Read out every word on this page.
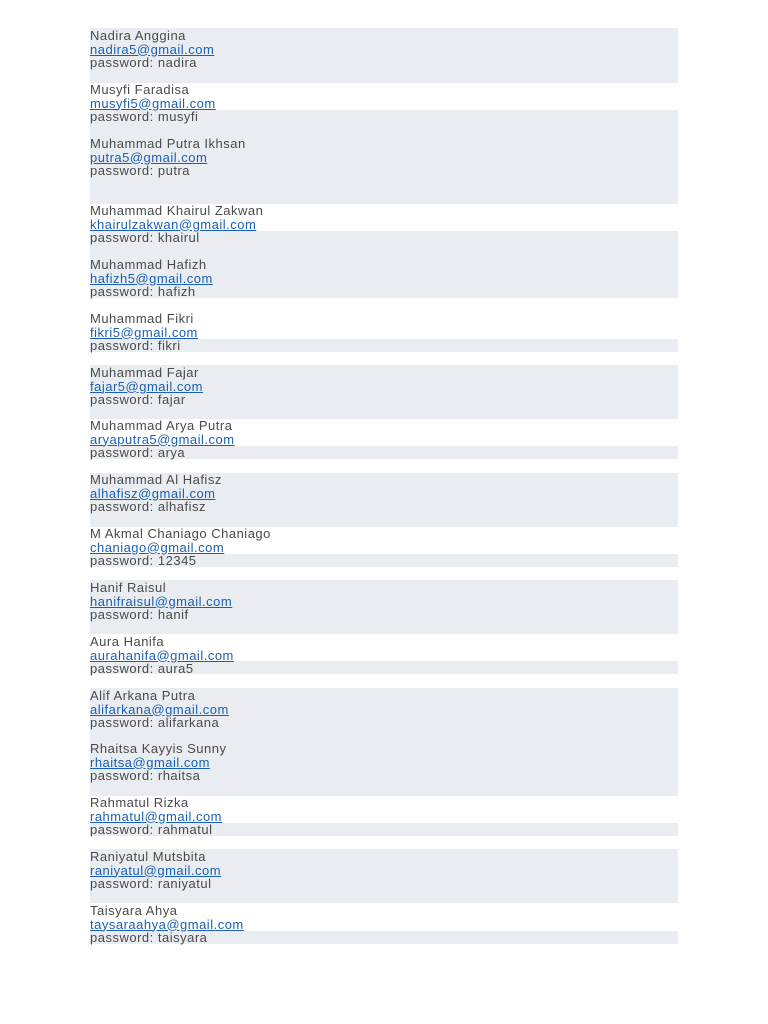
Nadira Anggina
nadira5@gmail.com
password: nadira
Musyfi Faradisa
musyfi5@gmail.com
password: musyfi
Muhammad Putra Ikhsan
putra5@gmail.com
password: putra
Muhammad Khairul Zakwan
khairulzakwan@gmail.com
password: khairul
Muhammad Hafizh
hafizh5@gmail.com
password: hafizh
Muhammad Fikri
fikri5@gmail.com
password: fikri
Muhammad Fajar
fajar5@gmail.com
password: fajar
Muhammad Arya Putra
aryaputra5@gmail.com
password: arya
Muhammad Al Hafisz
alhafisz@gmail.com
password: alhafisz
M Akmal Chaniago Chaniago
chaniago@gmail.com
password: 12345
Hanif Raisul
hanifraisul@gmail.com
password: hanif
Aura Hanifa
aurahanifa@gmail.com
password: aura5
Alif Arkana Putra
alifarkana@gmail.com
password: alifarkana
Rhaitsa Kayyis Sunny
rhaitsa@gmail.com
password: rhaitsa
Rahmatul Rizka
rahmatul@gmail.com
password: rahmatul
Raniyatul Mutsbita
raniyatul@gmail.com
password: raniyatul
Taisyara Ahya
taysaraahya@gmail.com
password: taisyara
